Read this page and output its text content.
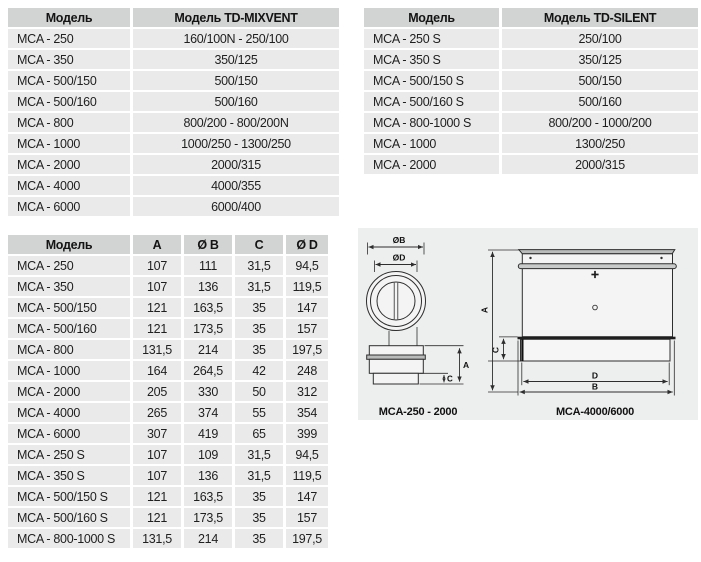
Модель	Модель TD-MIXVENT
MCA - 250	160/100N - 250/100
MCA - 350	350/125
MCA - 500/150	500/150
MCA - 500/160	500/160
MCA - 800	800/200 - 800/200N
MCA - 1000	1000/250 - 1300/250
MCA - 2000	2000/315
MCA - 4000	4000/355
MCA - 6000	6000/400
Модель	Модель TD-SILENT
MCA - 250 S	250/100
MCA - 350 S	350/125
MCA - 500/150 S	500/150
MCA - 500/160 S	500/160
MCA - 800-1000 S	800/200 - 1000/200
MCA - 1000	1300/250
MCA - 2000	2000/315
Модель	A	Ø B	C	Ø D
MCA - 250	107	111	31,5	94,5
MCA - 350	107	136	31,5	119,5
MCA - 500/150	121	163,5	35	147
MCA - 500/160	121	173,5	35	157
MCA - 800	131,5	214	35	197,5
MCA - 1000	164	264,5	42	248
MCA - 2000	205	330	50	312
MCA - 4000	265	374	55	354
MCA - 6000	307	419	65	399
MCA - 250 S	107	109	31,5	94,5
MCA - 350 S	107	136	31,5	119,5
MCA - 500/150 S	121	163,5	35	147
MCA - 500/160 S	121	173,5	35	157
MCA - 800-1000 S	131,5	214	35	197,5
ØB
ØD
A
C
MCA-250 - 2000
A
C
D
B
MCA-4000/6000
